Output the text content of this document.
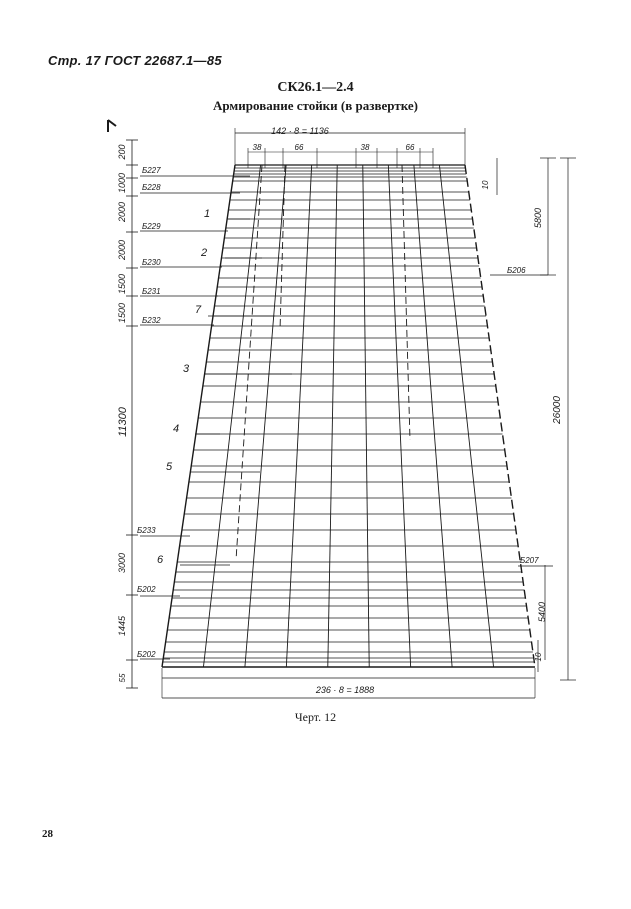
Стр. 17 ГОСТ 22687.1—85
СК26.1—2.4
Армирование стойки (в развертке)
142 · 8 = 1136
38	66	38	66
200
1000
2000
2000
1500
1500
11300
3000
1445
55
Б227
Б228
Б229
Б230
Б231
Б232
Б233
Б202
Б202
1
2
7
3
4
5
6
10
5800
26000
5400
10
Б206
Б207
236 · 8 = 1888
Черт. 12
28
